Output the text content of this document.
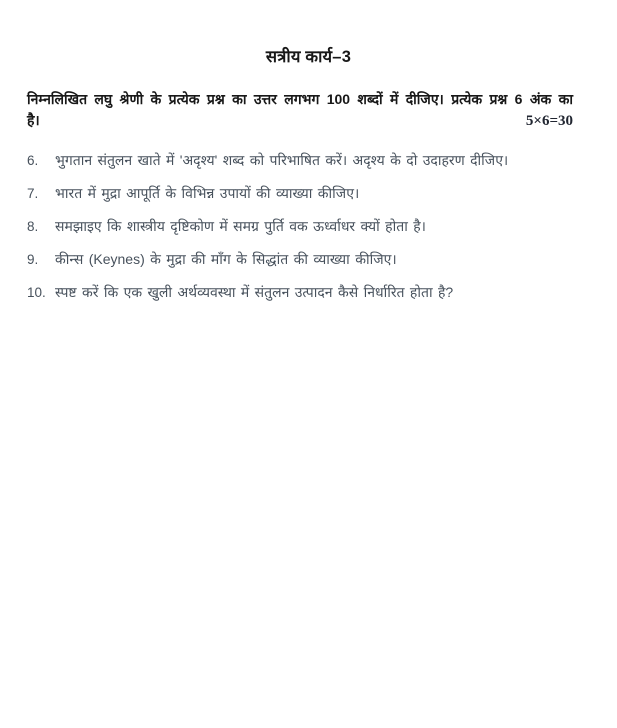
सत्रीय कार्य–3

निम्नलिखित लघु श्रेणी के प्रत्येक प्रश्न का उत्तर लगभग 100 शब्दों में दीजिए। प्रत्येक प्रश्न 6 अंक का

है।	5×6=30
6.	भुगतान संतुलन खाते में 'अदृश्य' शब्द को परिभाषित करें। अदृश्य के दो उदाहरण दीजिए।
7.	भारत में मुद्रा आपूर्ति के विभिन्न उपायों की व्याख्या कीजिए।
8.	समझाइए कि शास्त्रीय दृष्टिकोण में समग्र पुर्ति वक ऊर्ध्वाधर क्यों होता है।
9.	कीन्स (Keynes) के मुद्रा की माँग के सिद्धांत की व्याख्या कीजिए।
10. स्पष्ट करें कि एक खुली अर्थव्यवस्था में संतुलन उत्पादन कैसे निर्धारित होता है?
